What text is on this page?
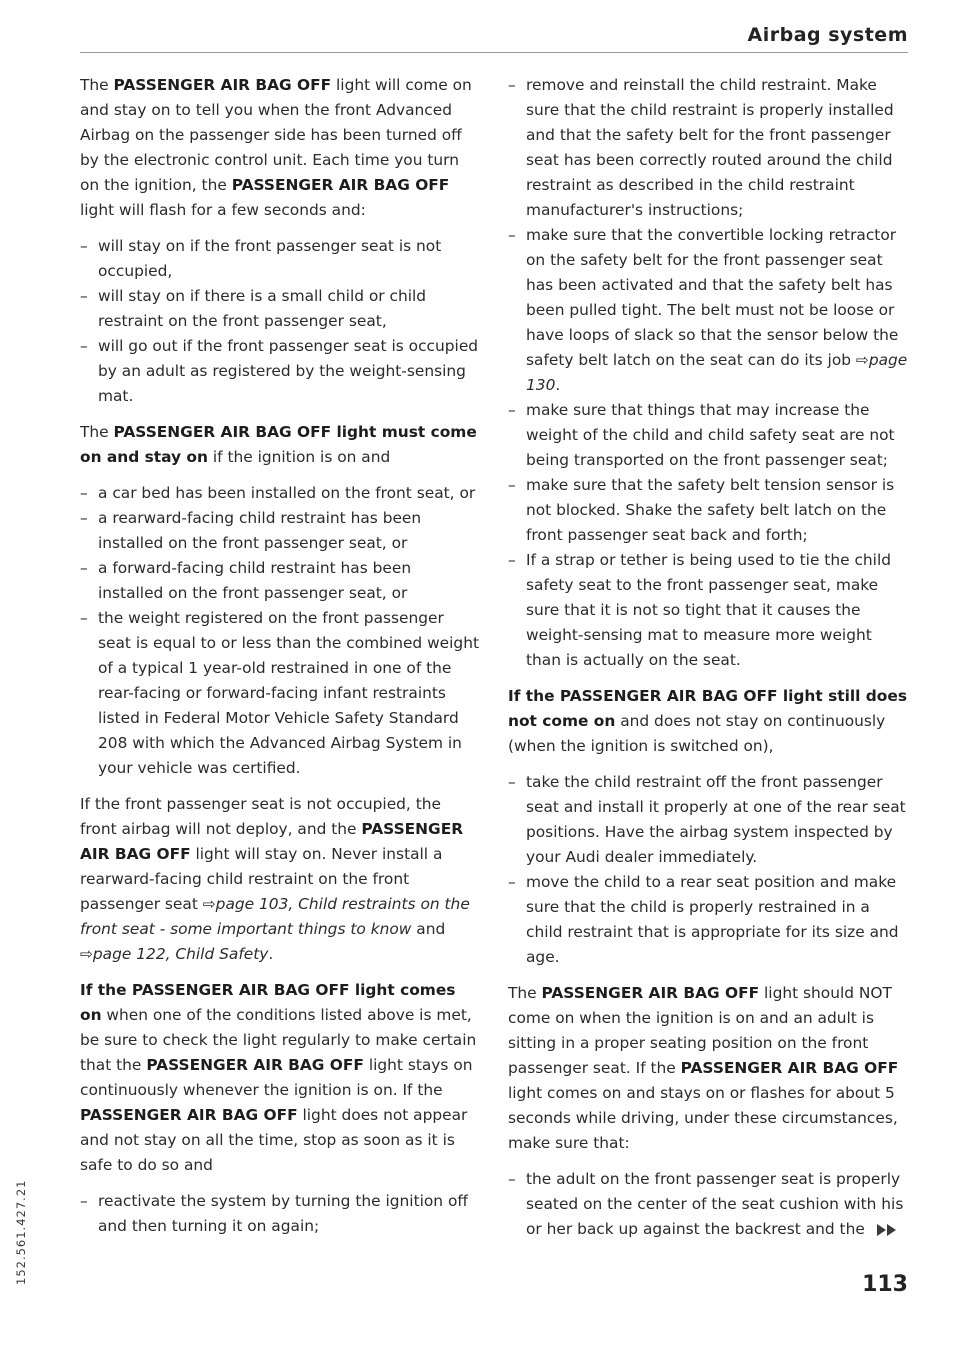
Airbag system

The PASSENGER AIR BAG OFF light will come on and stay on to tell you when the front Advanced Airbag on the passenger side has been turned off by the electronic control unit. Each time you turn on the ignition, the PASSENGER AIR BAG OFF light will flash for a few seconds and:

– will stay on if the front passenger seat is not occupied,
– will stay on if there is a small child or child restraint on the front passenger seat,
– will go out if the front passenger seat is occupied by an adult as registered by the weight-sensing mat.

The PASSENGER AIR BAG OFF light must come on and stay on if the ignition is on and

– a car bed has been installed on the front seat, or
– a rearward-facing child restraint has been installed on the front passenger seat, or
– a forward-facing child restraint has been installed on the front passenger seat, or
– the weight registered on the front passenger seat is equal to or less than the combined weight of a typical 1 year-old restrained in one of the rear-facing or forward-facing infant restraints listed in Federal Motor Vehicle Safety Standard 208 with which the Advanced Airbag System in your vehicle was certified.

If the front passenger seat is not occupied, the front airbag will not deploy, and the PASSENGER AIR BAG OFF light will stay on. Never install a rearward-facing child restraint on the front passenger seat ⇨page 103, Child restraints on the front seat - some important things to know and ⇨page 122, Child Safety.

If the PASSENGER AIR BAG OFF light comes on when one of the conditions listed above is met, be sure to check the light regularly to make certain that the PASSENGER AIR BAG OFF light stays on continuously whenever the ignition is on. If the PASSENGER AIR BAG OFF light does not appear and not stay on all the time, stop as soon as it is safe to do so and

– reactivate the system by turning the ignition off and then turning it on again;
– remove and reinstall the child restraint. Make sure that the child restraint is properly installed and that the safety belt for the front passenger seat has been correctly routed around the child restraint as described in the child restraint manufacturer's instructions;
– make sure that the convertible locking retractor on the safety belt for the front passenger seat has been activated and that the safety belt has been pulled tight. The belt must not be loose or have loops of slack so that the sensor below the safety belt latch on the seat can do its job ⇨page 130.
– make sure that things that may increase the weight of the child and child safety seat are not being transported on the front passenger seat;
– make sure that the safety belt tension sensor is not blocked. Shake the safety belt latch on the front passenger seat back and forth;
– If a strap or tether is being used to tie the child safety seat to the front passenger seat, make sure that it is not so tight that it causes the weight-sensing mat to measure more weight than is actually on the seat.

If the PASSENGER AIR BAG OFF light still does not come on and does not stay on continuously (when the ignition is switched on),

– take the child restraint off the front passenger seat and install it properly at one of the rear seat positions. Have the airbag system inspected by your Audi dealer immediately.
– move the child to a rear seat position and make sure that the child is properly restrained in a child restraint that is appropriate for its size and age.

The PASSENGER AIR BAG OFF light should NOT come on when the ignition is on and an adult is sitting in a proper seating position on the front passenger seat. If the PASSENGER AIR BAG OFF light comes on and stays on or flashes for about 5 seconds while driving, under these circumstances, make sure that:

– the adult on the front passenger seat is properly seated on the center of the seat cushion with his or her back up against the backrest and the
113
152.561.427.21
